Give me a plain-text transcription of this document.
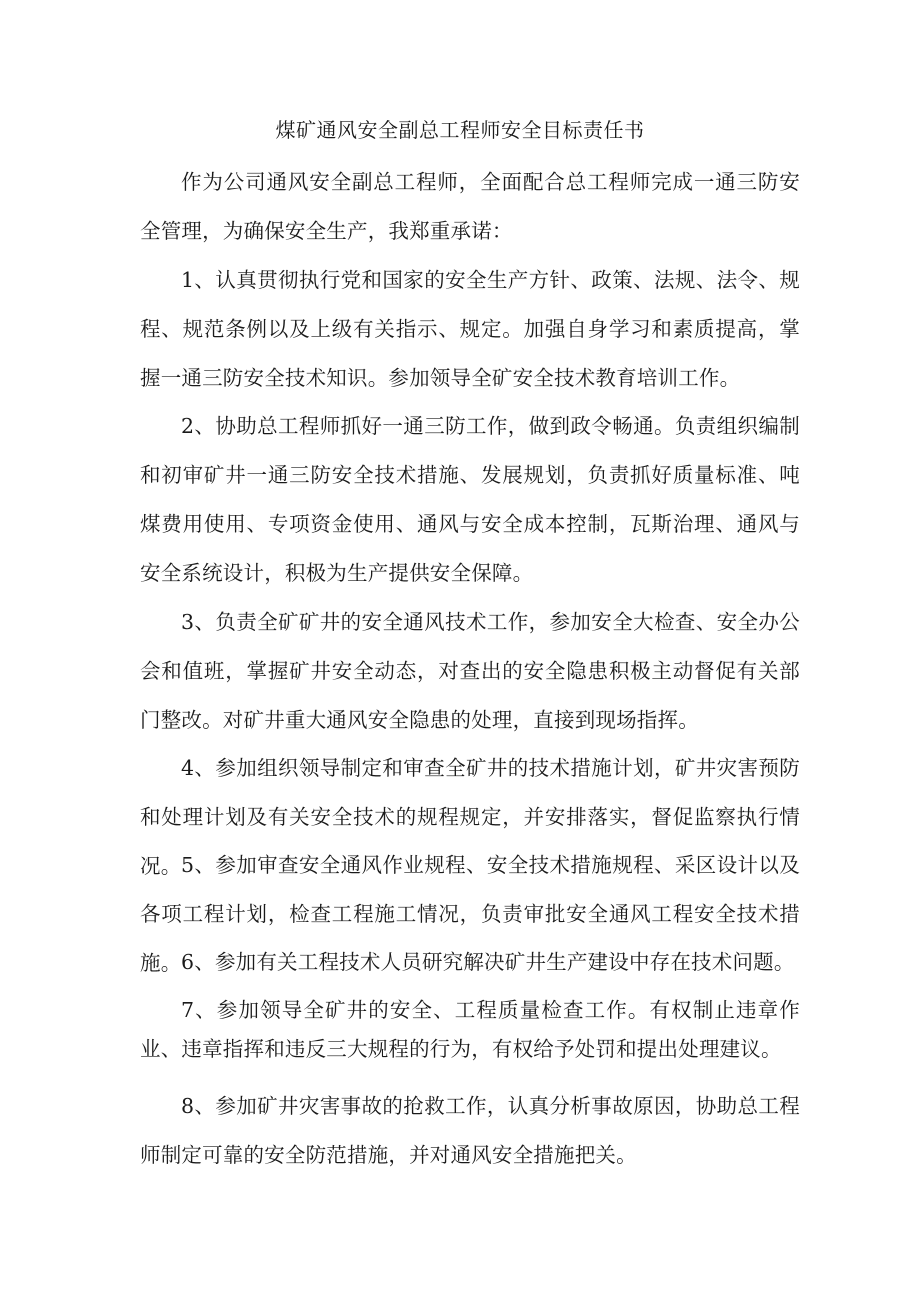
煤矿通风安全副总工程师安全目标责任书

作为公司通风安全副总工程师，全面配合总工程师完成一通三防安全管理，为确保安全生产，我郑重承诺：

1、认真贯彻执行党和国家的安全生产方针、政策、法规、法令、规程、规范条例以及上级有关指示、规定。加强自身学习和素质提高，掌握一通三防安全技术知识。参加领导全矿安全技术教育培训工作。

2、协助总工程师抓好一通三防工作，做到政令畅通。负责组织编制和初审矿井一通三防安全技术措施、发展规划，负责抓好质量标准、吨煤费用使用、专项资金使用、通风与安全成本控制，瓦斯治理、通风与安全系统设计，积极为生产提供安全保障。

3、负责全矿矿井的安全通风技术工作，参加安全大检查、安全办公会和值班，掌握矿井安全动态，对查出的安全隐患积极主动督促有关部门整改。对矿井重大通风安全隐患的处理，直接到现场指挥。

4、参加组织领导制定和审查全矿井的技术措施计划，矿井灾害预防和处理计划及有关安全技术的规程规定，并安排落实，督促监察执行情况。 5、参加审查安全通风作业规程、安全技术措施规程、采区设计以及各项工程计划，检查工程施工情况，负责审批安全通风工程安全技术措施。 6、参加有关工程技术人员研究解决矿井生产建设中存在技术问题。

7、参加领导全矿井的安全、工程质量检查工作。有权制止违章作业、违章指挥和违反三大规程的行为，有权给予处罚和提出处理建议。

8、参加矿井灾害事故的抢救工作，认真分析事故原因，协助总工程师制定可靠的安全防范措施，并对通风安全措施把关。
